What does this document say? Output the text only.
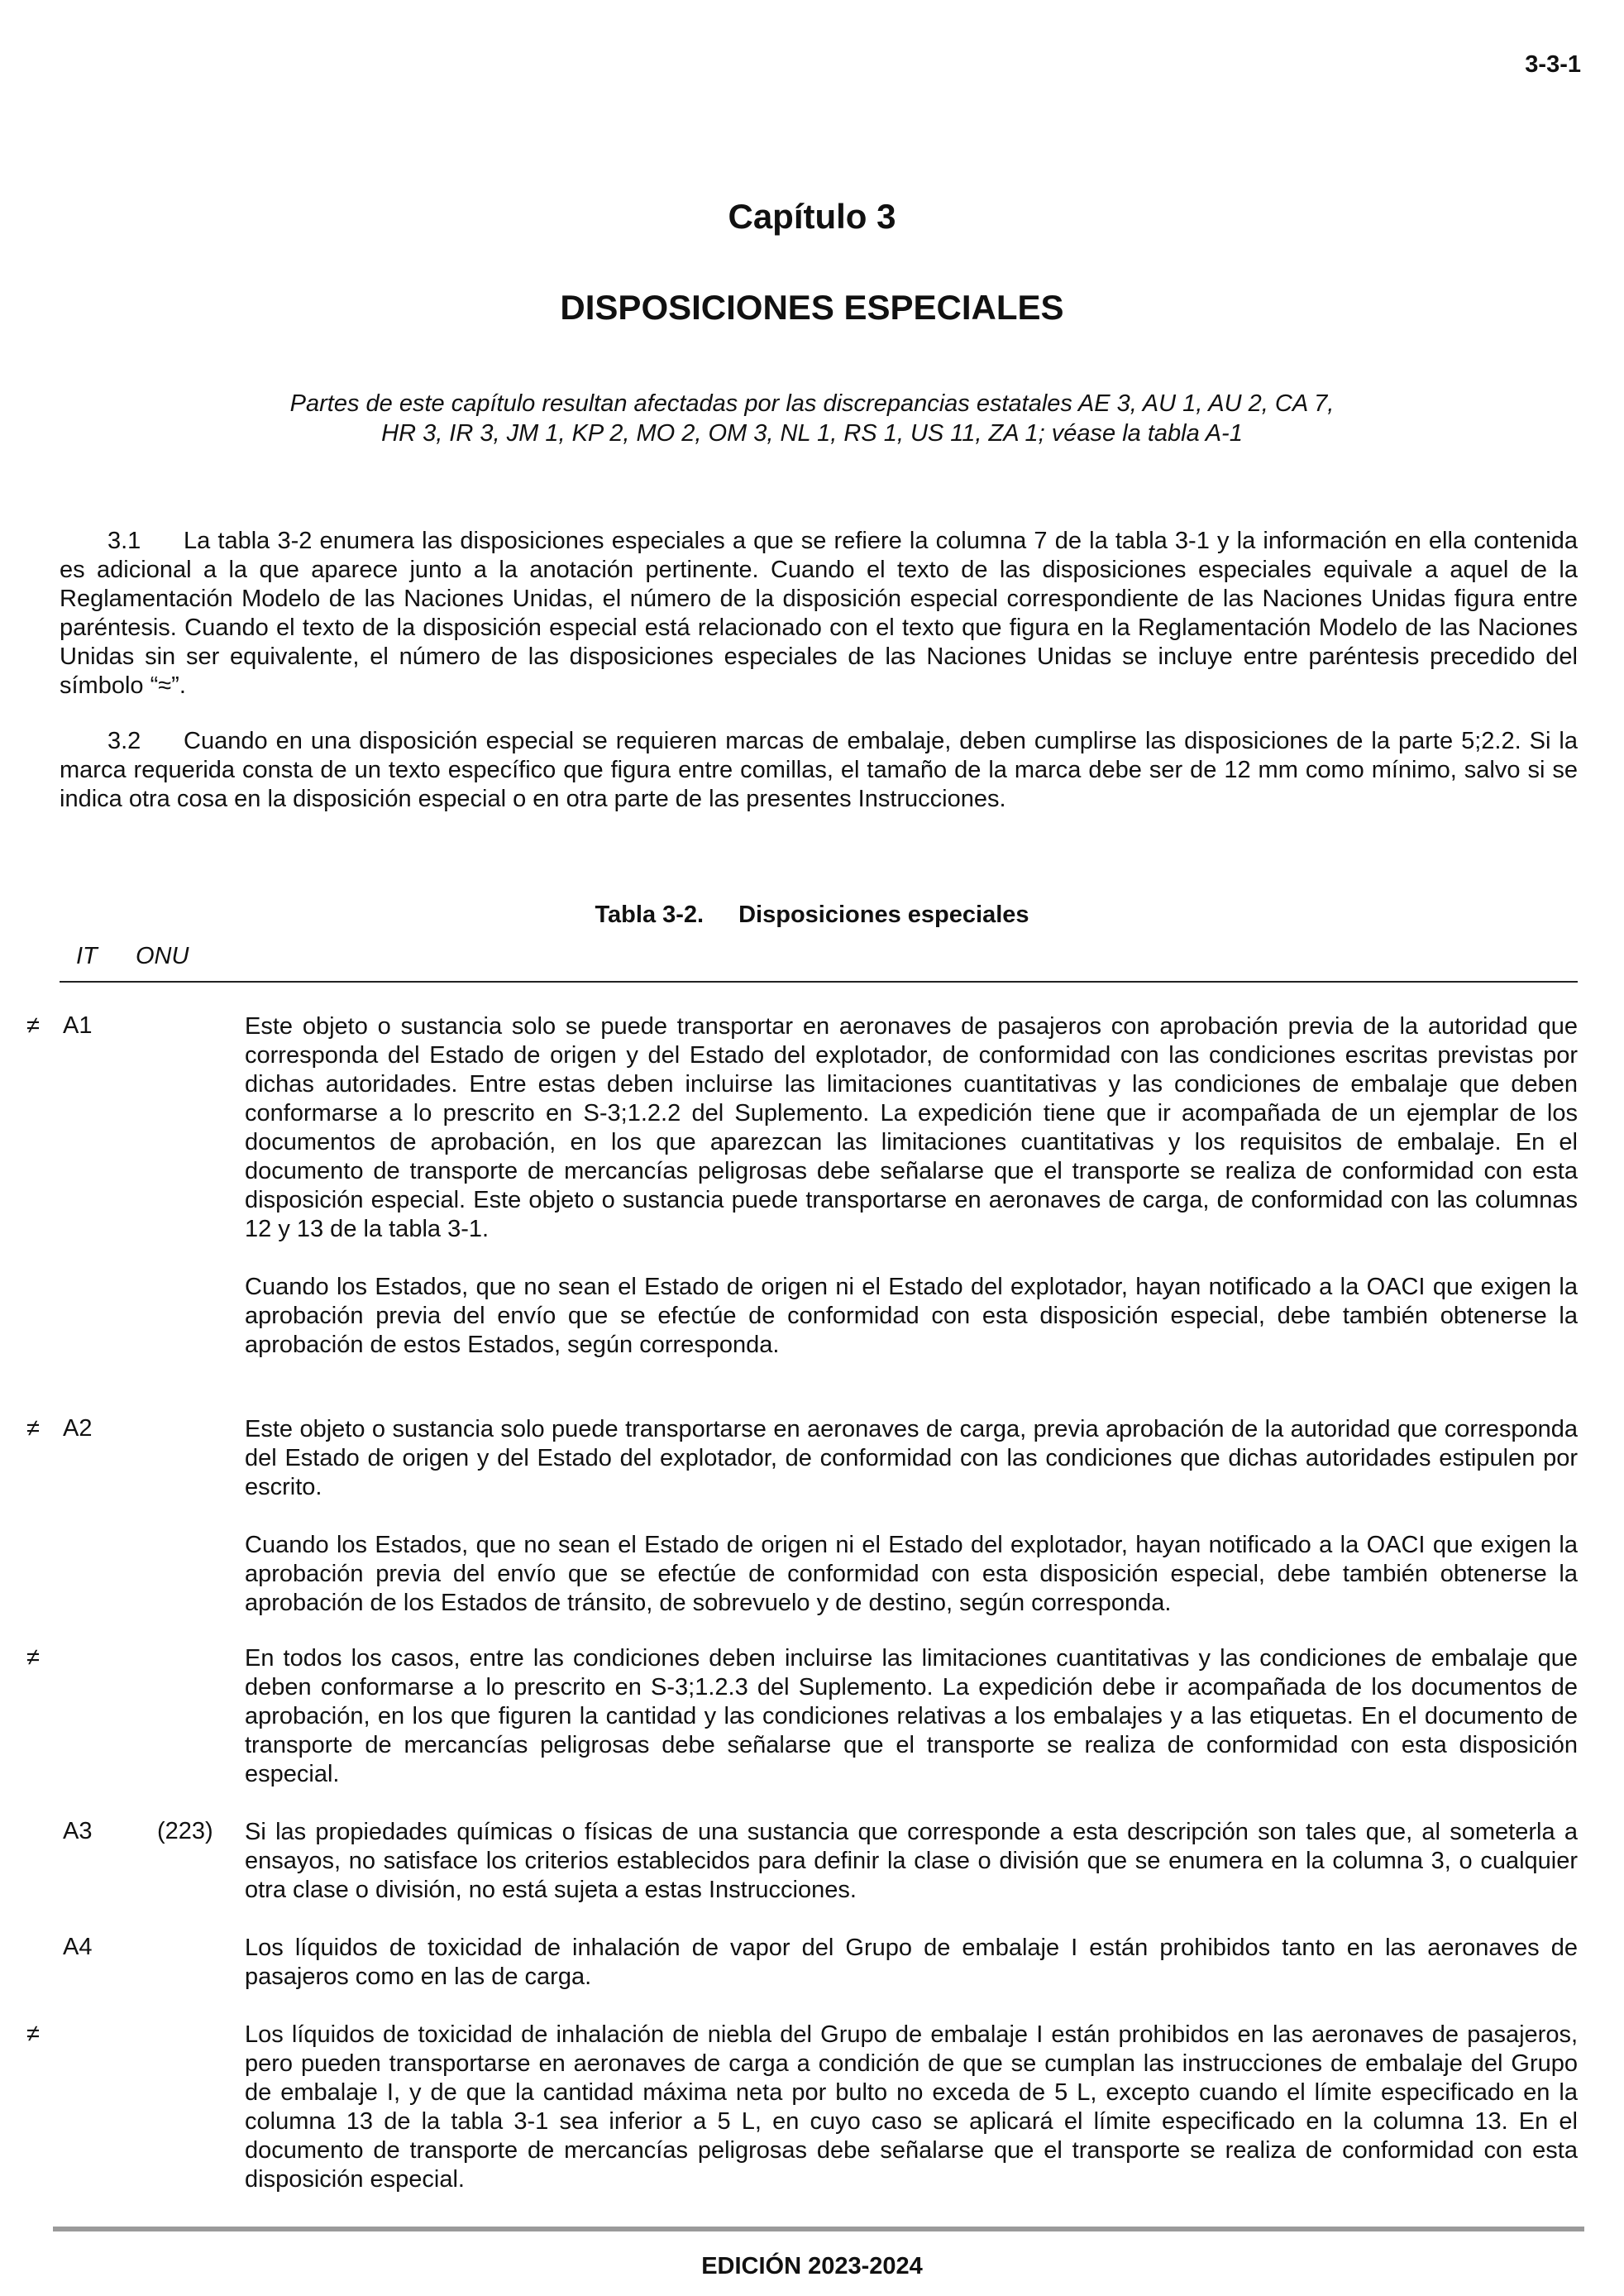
3-3-1
Capítulo 3
DISPOSICIONES ESPECIALES
Partes de este capítulo resultan afectadas por las discrepancias estatales AE 3, AU 1, AU 2, CA 7,
HR 3, IR 3, JM 1, KP 2, MO 2, OM 3, NL 1, RS 1, US 11, ZA 1; véase la tabla A-1
3.1 La tabla 3-2 enumera las disposiciones especiales a que se refiere la columna 7 de la tabla 3-1 y la información en ella contenida es adicional a la que aparece junto a la anotación pertinente. Cuando el texto de las disposiciones especiales equivale a aquel de la Reglamentación Modelo de las Naciones Unidas, el número de la disposición especial correspondiente de las Naciones Unidas figura entre paréntesis. Cuando el texto de la disposición especial está relacionado con el texto que figura en la Reglamentación Modelo de las Naciones Unidas sin ser equivalente, el número de las disposiciones especiales de las Naciones Unidas se incluye entre paréntesis precedido del símbolo “≈”.
3.2 Cuando en una disposición especial se requieren marcas de embalaje, deben cumplirse las disposiciones de la parte 5;2.2. Si la marca requerida consta de un texto específico que figura entre comillas, el tamaño de la marca debe ser de 12 mm como mínimo, salvo si se indica otra cosa en la disposición especial o en otra parte de las presentes Instrucciones.
Tabla 3-2. Disposiciones especiales
IT ONU
≠ A1	Este objeto o sustancia solo se puede transportar en aeronaves de pasajeros con aprobación previa de la autoridad que corresponda del Estado de origen y del Estado del explotador, de conformidad con las condiciones escritas previstas por dichas autoridades. Entre estas deben incluirse las limitaciones cuantitativas y las condiciones de embalaje que deben conformarse a lo prescrito en S-3;1.2.2 del Suplemento. La expedición tiene que ir acompañada de un ejemplar de los documentos de aprobación, en los que aparezcan las limitaciones cuantitativas y los requisitos de embalaje. En el documento de transporte de mercancías peligrosas debe señalarse que el transporte se realiza de conformidad con esta disposición especial. Este objeto o sustancia puede transportarse en aeronaves de carga, de conformidad con las columnas 12 y 13 de la tabla 3-1.

Cuando los Estados, que no sean el Estado de origen ni el Estado del explotador, hayan notificado a la OACI que exigen la aprobación previa del envío que se efectúe de conformidad con esta disposición especial, debe también obtenerse la aprobación de estos Estados, según corresponda.

≠ A2	Este objeto o sustancia solo puede transportarse en aeronaves de carga, previa aprobación de la autoridad que corresponda del Estado de origen y del Estado del explotador, de conformidad con las condiciones que dichas autoridades estipulen por escrito.

Cuando los Estados, que no sean el Estado de origen ni el Estado del explotador, hayan notificado a la OACI que exigen la aprobación previa del envío que se efectúe de conformidad con esta disposición especial, debe también obtenerse la aprobación de los Estados de tránsito, de sobrevuelo y de destino, según corresponda.

≠	En todos los casos, entre las condiciones deben incluirse las limitaciones cuantitativas y las condiciones de embalaje que deben conformarse a lo prescrito en S-3;1.2.3 del Suplemento. La expedición debe ir acompañada de los documentos de aprobación, en los que figuren la cantidad y las condiciones relativas a los embalajes y a las etiquetas. En el documento de transporte de mercancías peligrosas debe señalarse que el transporte se realiza de conformidad con esta disposición especial.

A3	(223) Si las propiedades químicas o físicas de una sustancia que corresponde a esta descripción son tales que, al someterla a ensayos, no satisface los criterios establecidos para definir la clase o división que se enumera en la columna 3, o cualquier otra clase o división, no está sujeta a estas Instrucciones.

A4	Los líquidos de toxicidad de inhalación de vapor del Grupo de embalaje I están prohibidos tanto en las aeronaves de pasajeros como en las de carga.

≠	Los líquidos de toxicidad de inhalación de niebla del Grupo de embalaje I están prohibidos en las aeronaves de pasajeros, pero pueden transportarse en aeronaves de carga a condición de que se cumplan las instrucciones de embalaje del Grupo de embalaje I, y de que la cantidad máxima neta por bulto no exceda de 5 L, excepto cuando el límite especificado en la columna 13 de la tabla 3-1 sea inferior a 5 L, en cuyo caso se aplicará el límite especificado en la columna 13. En el documento de transporte de mercancías peligrosas debe señalarse que el transporte se realiza de conformidad con esta disposición especial.

EDICIÓN 2023-2024
